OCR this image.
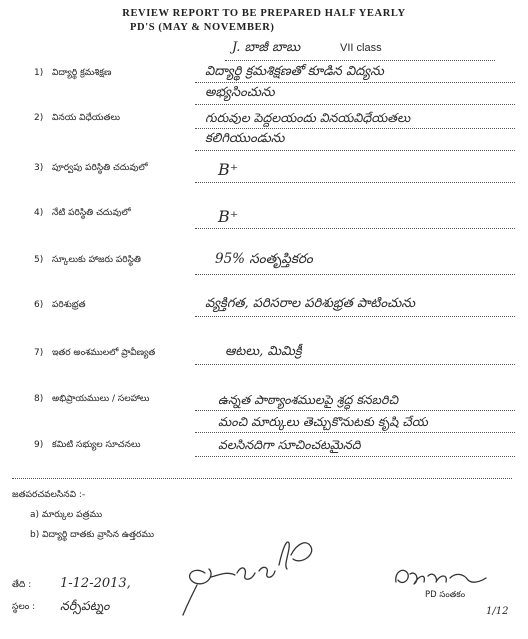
REVIEW REPORT TO BE PREPARED HALF YEARLY
PD'S (MAY & NOVEMBER)
J. బాజీ బాబు	VII class
1) విద్యార్థి క్రమశిక్షణ	విద్యార్థి క్రమశిక్షణతో కూడిన విద్యను
అభ్యసించును
2) వినయ విధేయతలు	గురువుల పెద్దలయందు వినయవిధేయతలు
కలిగియుండును
3) పూర్వపు పరిస్థితి చదువులో	B⁺
4) నేటి పరిస్థితి చదువులో	B⁺
5) స్కూలుకు హాజరు పరిస్థితి	95% సంతృప్తికరం
6) పరిశుభ్రత	వ్యక్తిగత, పరిసరాల పరిశుభ్రత పాటించును
7) ఇతర అంశములలో ప్రావీణ్యత	ఆటలు, మిమిక్రీ
8) అభిప్రాయములు / సలహాలు	ఉన్నత పాఠ్యాంశములపై శ్రద్ధ కనబరిచి
మంచి మార్కులు తెచ్చుకొనుటకు కృషి చేయ
9) కమిటి సభ్యుల సూచనలు	వలసినదిగా సూచించటమైనది
జతపరచవలసినవి :-
a) మార్కుల పత్రము
b) విద్యార్థి దాతకు వ్రాసిన ఉత్తరము
తేది : 1-12-2013,
స్థలం : నర్సీపట్నం
PD సంతకం
1/12
